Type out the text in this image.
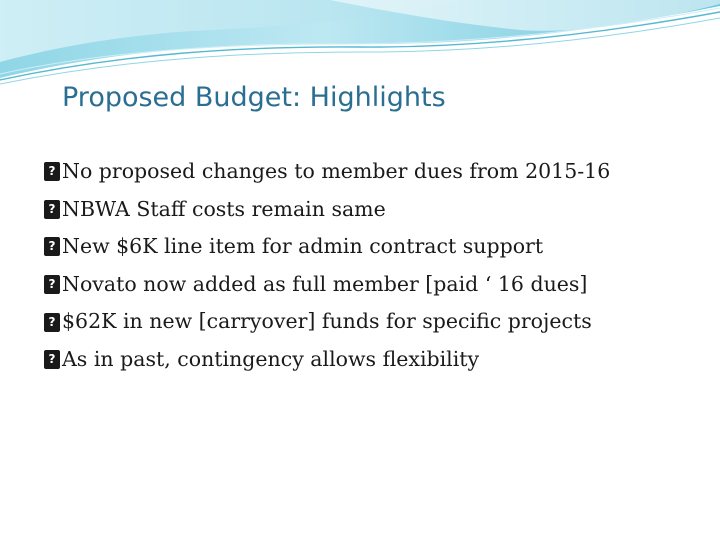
Proposed Budget: Highlights
?
No proposed changes to member dues from 2015-16
?
NBWA Staff costs remain same
?
New $6K line item for admin contract support
?
Novato now added as full member [paid ‘ 16 dues]
?
$62K in new [carryover] funds for specific projects
?
As in past, contingency allows flexibility
